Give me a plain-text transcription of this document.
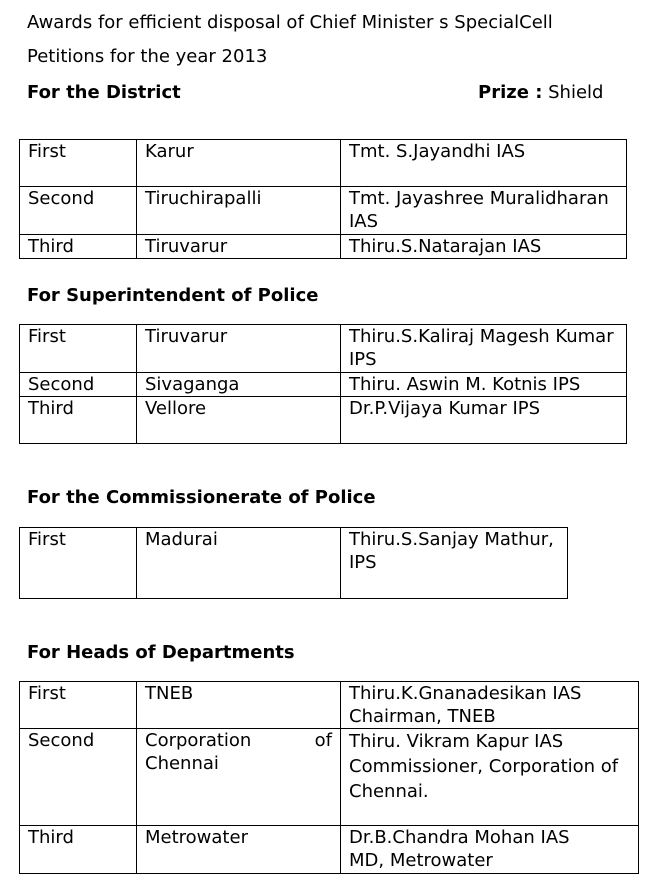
Awards for efficient disposal of Chief Minister s SpecialCell
Petitions for the year 2013
For the District	Prize : Shield
First	Karur	Tmt. S.Jayandhi IAS
Second	Tiruchirapalli	Tmt. Jayashree Muralidharan IAS
Third	Tiruvarur	Thiru.S.Natarajan IAS
For Superintendent of Police
First	Tiruvarur	Thiru.S.Kaliraj Magesh Kumar IPS
Second	Sivaganga	Thiru. Aswin M. Kotnis IPS
Third	Vellore	Dr.P.Vijaya Kumar IPS
For the Commissionerate of Police
First	Madurai	Thiru.S.Sanjay Mathur, IPS
For Heads of Departments
First	TNEB	Thiru.K.Gnanadesikan IAS
Chairman, TNEB

Second	Corporation of Chennai	Thiru. Vikram Kapur IAS
Commissioner, Corporation of Chennai.

Third	Metrowater	Dr.B.Chandra Mohan IAS
MD, Metrowater
